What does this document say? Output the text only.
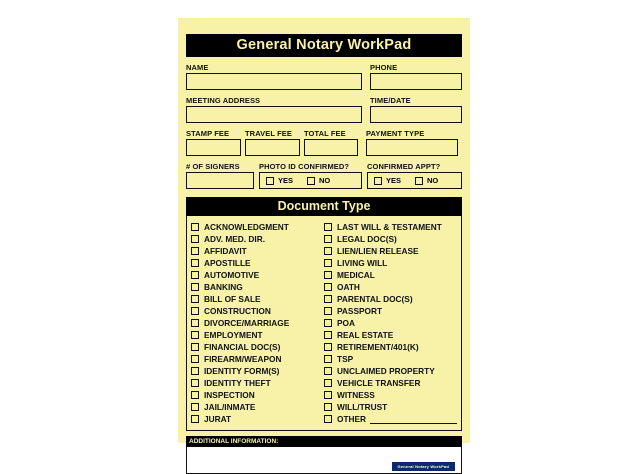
General Notary WorkPad
NAME	PHONE
MEETING ADDRESS	TIME/DATE
STAMP FEE	TRAVEL FEE	TOTAL FEE	PAYMENT TYPE
# OF SIGNERS	PHOTO ID CONFIRMED?
YES	NO
CONFIRMED APPT?
YES	NO
Document Type
ACKNOWLEDGMENT
ADV. MED. DIR.
AFFIDAVIT
APOSTILLE
AUTOMOTIVE
BANKING
BILL OF SALE
CONSTRUCTION
DIVORCE/MARRIAGE
EMPLOYMENT
FINANCIAL DOC(S)
FIREARM/WEAPON
IDENTITY FORM(S)
IDENTITY THEFT
INSPECTION
JAIL/INMATE
JURAT
LAST WILL & TESTAMENT
LEGAL DOC(S)
LIEN/LIEN RELEASE
LIVING WILL
MEDICAL
OATH
PARENTAL DOC(S)
PASSPORT
POA
REAL ESTATE
RETIREMENT/401(K)
TSP
UNCLAIMED PROPERTY
VEHICLE TRANSFER
WITNESS
WILL/TRUST
OTHER
ADDITIONAL INFORMATION:
General Notary WorkPad
